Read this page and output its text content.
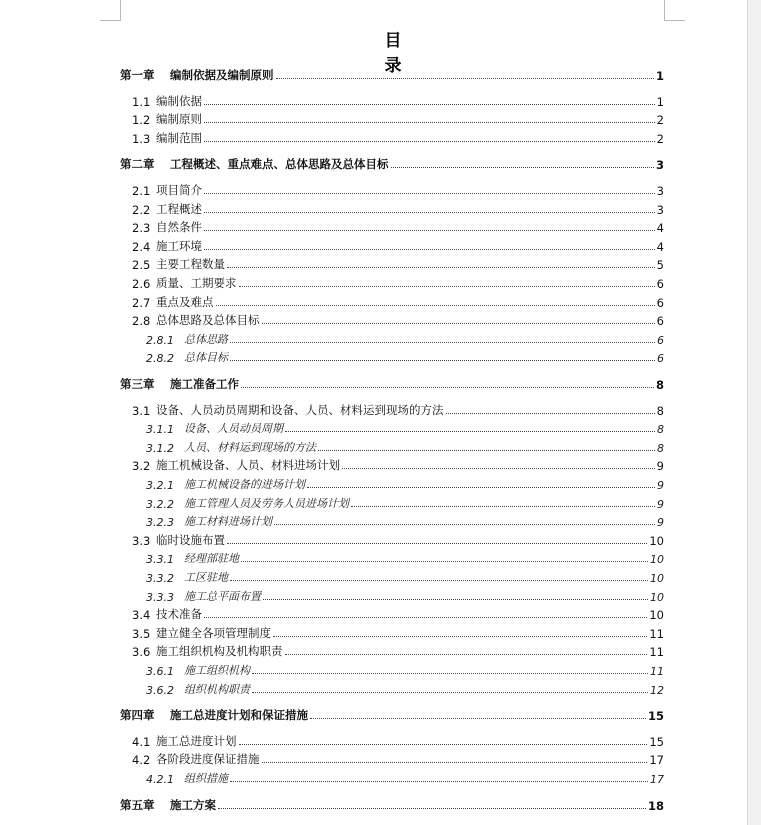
目 录
第一章	编制依据及编制原则	1
1.1 编制依据	1
1.2 编制原则	2
1.3 编制范围	2
第二章	工程概述、重点难点、总体思路及总体目标	3
2.1 项目简介	3
2.2 工程概述	3
2.3 自然条件	4
2.4 施工环境	4
2.5 主要工程数量	5
2.6 质量、工期要求	6
2.7 重点及难点	6
2.8 总体思路及总体目标	6
2.8.1 总体思路	6
2.8.2 总体目标	6
第三章	施工准备工作	8
3.1 设备、人员动员周期和设备、人员、材料运到现场的方法	8
3.1.1 设备、人员动员周期	8
3.1.2 人员、材料运到现场的方法	8
3.2 施工机械设备、人员、材料进场计划	9
3.2.1 施工机械设备的进场计划	9
3.2.2 施工管理人员及劳务人员进场计划	9
3.2.3 施工材料进场计划	9
3.3 临时设施布置	10
3.3.1 经理部驻地	10
3.3.2 工区驻地	10
3.3.3 施工总平面布置	10
3.4 技术准备	10
3.5 建立健全各项管理制度	11
3.6 施工组织机构及机构职责	11
3.6.1 施工组织机构	11
3.6.2 组织机构职责	12
第四章	施工总进度计划和保证措施	15
4.1 施工总进度计划	15
4.2 各阶段进度保证措施	17
4.2.1 组织措施	17
第五章	施工方案	18
